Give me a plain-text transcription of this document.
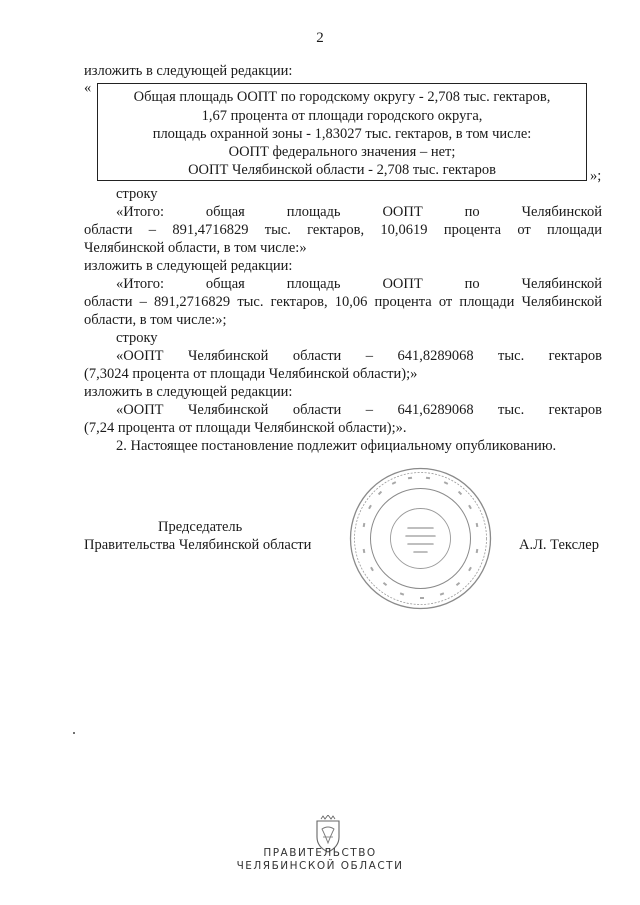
2
изложить в следующей редакции:
«
Общая площадь ООПТ по городскому округу - 2,708 тыс. гектаров,
1,67 процента от площади городского округа,
площадь охранной зоны - 1,83027 тыс. гектаров, в том числе:
ООПТ федерального значения – нет;
ООПТ Челябинской области - 2,708 тыс. гектаров	»;
строку
«Итого: общая площадь ООПТ по Челябинской
области – 891,4716829 тыс. гектаров, 10,0619 процента от площади
Челябинской области, в том числе:»
изложить в следующей редакции:
«Итого: общая площадь ООПТ по Челябинской
области – 891,2716829 тыс. гектаров, 10,06 процента от площади Челябинской
области, в том числе:»;
строку
«ООПТ Челябинской области – 641,8289068 тыс. гектаров
(7,3024 процента от площади Челябинской области);»
изложить в следующей редакции:
«ООПТ Челябинской области – 641,6289068 тыс. гектаров
(7,24 процента от площади Челябинской области);».
2. Настоящее постановление подлежит официальному опубликованию.
Председатель
Правительства Челябинской области	А.Л. Текслер
ПРАВИТЕЛЬСТВО
ЧЕЛЯБИНСКОЙ ОБЛАСТИ
